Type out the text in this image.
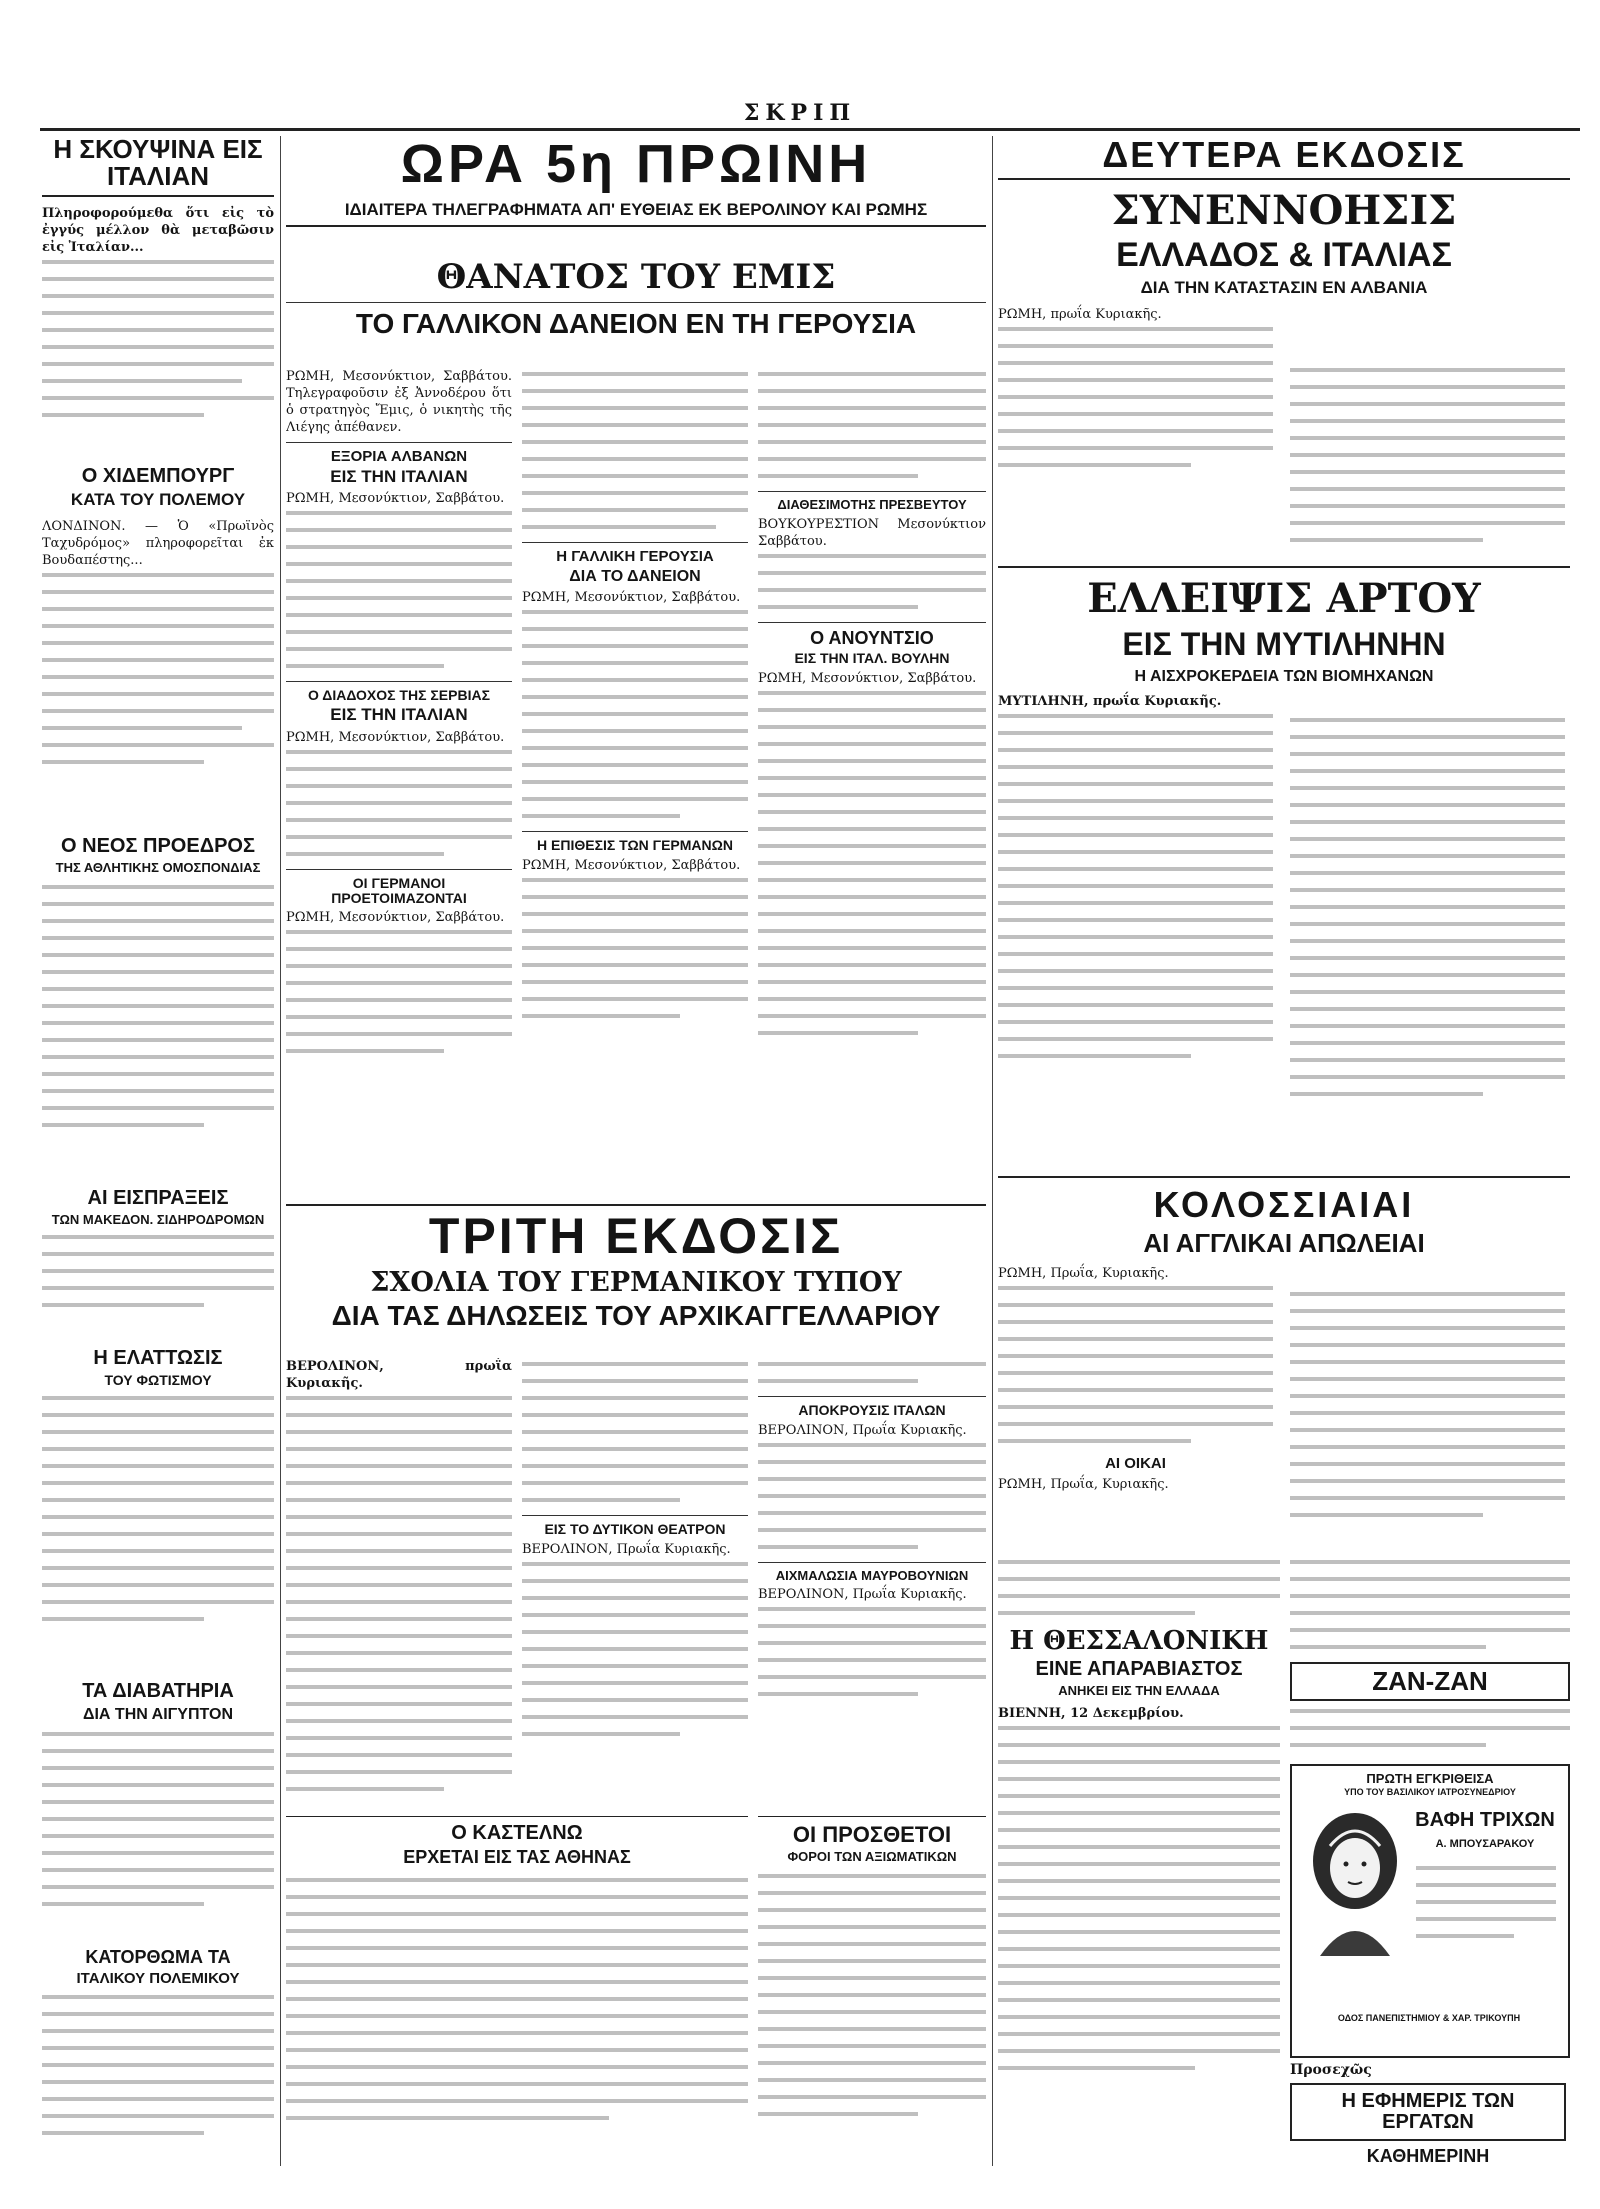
ΣΚΡΙΠ
Η ΣΚΟΥΨΙΝΑ ΕΙΣ ΙΤΑΛΙΑΝ

Πληροφορούμεθα ὅτι εἰς τὸ ἐγγύς μέλλον θὰ μεταβῶσιν εἰς Ἰταλίαν...

Ο ΧΙΔΕΜΠΟΥΡΓ
ΚΑΤΑ ΤΟΥ ΠΟΛΕΜΟΥ

ΛΟΝΔΙΝΟΝ. — Ὁ «Πρωϊνὸς Ταχυδρόμος» πληροφορεῖται ἐκ Βουδαπέστης...

Ο ΝΕΟΣ ΠΡΟΕΔΡΟΣ
ΤΗΣ ΑΘΛΗΤΙΚΗΣ ΟΜΟΣΠΟΝΔΙΑΣ
ΑΙ ΕΙΣΠΡΑΞΕΙΣ
ΤΩΝ ΜΑΚΕΔΟΝ. ΣΙΔΗΡΟΔΡΟΜΩΝ
Η ΕΛΑΤΤΩΣΙΣ
ΤΟΥ ΦΩΤΙΣΜΟΥ
ΤΑ ΔΙΑΒΑΤΗΡΙΑ
ΔΙΑ ΤΗΝ ΑΙΓΥΠΤΟΝ
ΚΑΤΟΡΘΩΜΑ ΤΑ
ΙΤΑΛΙΚΟΥ ΠΟΛΕΜΙΚΟΥ
ΩΡΑ 5η ΠΡΩΙΝΗ
ΙΔΙΑΙΤΕΡΑ ΤΗΛΕΓΡΑΦΗΜΑΤΑ ΑΠ' ΕΥΘΕΙΑΣ ΕΚ ΒΕΡΟΛΙΝΟΥ ΚΑΙ ΡΩΜΗΣ
ΘΑΝΑΤΟΣ ΤΟΥ ΕΜΙΣ
ΤΟ ΓΑΛΛΙΚΟΝ ΔΑΝΕΙΟΝ ΕΝ ΤΗ ΓΕΡΟΥΣΙΑ

ΡΩΜΗ, Μεσονύκτιον, Σαββάτου. Τηλεγραφοῦσιν ἐξ Ἀννοδέρου ὅτι ὁ στρατηγὸς Ἔμις, ὁ νικητὴς τῆς Λιέγης ἀπέθανεν.

ΕΞΟΡΙΑ ΑΛΒΑΝΩΝ
ΕΙΣ ΤΗΝ ΙΤΑΛΙΑΝ

ΡΩΜΗ, Μεσονύκτιον, Σαββάτου.

Ο ΔΙΑΔΟΧΟΣ ΤΗΣ ΣΕΡΒΙΑΣ
ΕΙΣ ΤΗΝ ΙΤΑΛΙΑΝ

ΡΩΜΗ, Μεσονύκτιον, Σαββάτου.

ΟΙ ΓΕΡΜΑΝΟΙ ΠΡΟΕΤΟΙΜΑΖΟΝΤΑΙ

ΡΩΜΗ, Μεσονύκτιον, Σαββάτου.

Η ΓΑΛΛΙΚΗ ΓΕΡΟΥΣΙΑ
ΔΙΑ ΤΟ ΔΑΝΕΙΟΝ

ΡΩΜΗ, Μεσονύκτιον, Σαββάτου.

Η ΕΠΙΘΕΣΙΣ ΤΩΝ ΓΕΡΜΑΝΩΝ

ΡΩΜΗ, Μεσονύκτιον, Σαββάτου.

ΔΙΑΘΕΣΙΜΟΤΗΣ ΠΡΕΣΒΕΥΤΟΥ

ΒΟΥΚΟΥΡΕΣΤΙΟΝ Μεσονύκτιον Σαββάτου.

Ο ΑΝΟΥΝΤΣΙΟ
ΕΙΣ ΤΗΝ ΙΤΑΛ. ΒΟΥΛΗΝ

ΡΩΜΗ, Μεσονύκτιον, Σαββάτου.

ΤΡΙΤΗ ΕΚΔΟΣΙΣ
ΣΧΟΛΙΑ ΤΟΥ ΓΕΡΜΑΝΙΚΟΥ ΤΥΠΟΥ
ΔΙΑ ΤΑΣ ΔΗΛΩΣΕΙΣ ΤΟΥ ΑΡΧΙΚΑΓΓΕΛΛΑΡΙΟΥ

ΒΕΡΟΛΙΝΟΝ, πρωΐα Κυριακῆς.

ΕΙΣ ΤΟ ΔΥΤΙΚΟΝ ΘΕΑΤΡΟΝ

ΒΕΡΟΛΙΝΟΝ, Πρωΐα Κυριακῆς.

ΑΠΟΚΡΟΥΣΙΣ ΙΤΑΛΩΝ

ΒΕΡΟΛΙΝΟΝ, Πρωΐα Κυριακῆς.

ΑΙΧΜΑΛΩΣΙΑ ΜΑΥΡΟΒΟΥΝΙΩΝ

ΒΕΡΟΛΙΝΟΝ, Πρωΐα Κυριακῆς.

Ο ΚΑΣΤΕΛΝΩ
ΕΡΧΕΤΑΙ ΕΙΣ ΤΑΣ ΑΘΗΝΑΣ
ΟΙ ΠΡΟΣΘΕΤΟΙ
ΦΟΡΟΙ ΤΩΝ ΑΞΙΩΜΑΤΙΚΩΝ
ΔΕΥΤΕΡΑ ΕΚΔΟΣΙΣ
ΣΥΝΕΝΝΟΗΣΙΣ
ΕΛΛΑΔΟΣ & ΙΤΑΛΙΑΣ
ΔΙΑ ΤΗΝ ΚΑΤΑΣΤΑΣΙΝ ΕΝ ΑΛΒΑΝΙΑ

ΡΩΜΗ, πρωΐα Κυριακῆς.

ΕΛΛΕΙΨΙΣ ΑΡΤΟΥ
ΕΙΣ ΤΗΝ ΜΥΤΙΛΗΝΗΝ
Η ΑΙΣΧΡΟΚΕΡΔΕΙΑ ΤΩΝ ΒΙΟΜΗΧΑΝΩΝ

ΜΥΤΙΛΗΝΗ, πρωΐα Κυριακῆς.

ΚΟΛΟΣΣΙΑΙΑΙ
ΑΙ ΑΓΓΛΙΚΑΙ ΑΠΩΛΕΙΑΙ

ΡΩΜΗ, Πρωΐα, Κυριακῆς.

ΑΙ ΟΙΚΑΙ

ΡΩΜΗ, Πρωΐα, Κυριακῆς.

Η ΘΕΣΣΑΛΟΝΙΚΗ
ΕΙΝΕ ΑΠΑΡΑΒΙΑΣΤΟΣ
ΑΝΗΚΕΙ ΕΙΣ ΤΗΝ ΕΛΛΑΔΑ

ΒΙΕΝΝΗ, 12 Δεκεμβρίου.

ΖΑΝ-ΖΑΝ
ΠΡΩΤΗ ΕΓΚΡΙΘΕΙΣΑ
ΥΠΟ ΤΟΥ ΒΑΣΙΛΙΚΟΥ ΙΑΤΡΟΣΥΝΕΔΡΙΟΥ
ΒΑΦΗ ΤΡΙΧΩΝ
Α. ΜΠΟΥΣΑΡΑΚΟΥ
ΟΔΟΣ ΠΑΝΕΠΙΣΤΗΜΙΟΥ & ΧΑΡ. ΤΡΙΚΟΥΠΗ
Προσεχῶς
Η ΕΦΗΜΕΡΙΣ ΤΩΝ ΕΡΓΑΤΩΝ
ΚΑΘΗΜΕΡΙΝΗ
